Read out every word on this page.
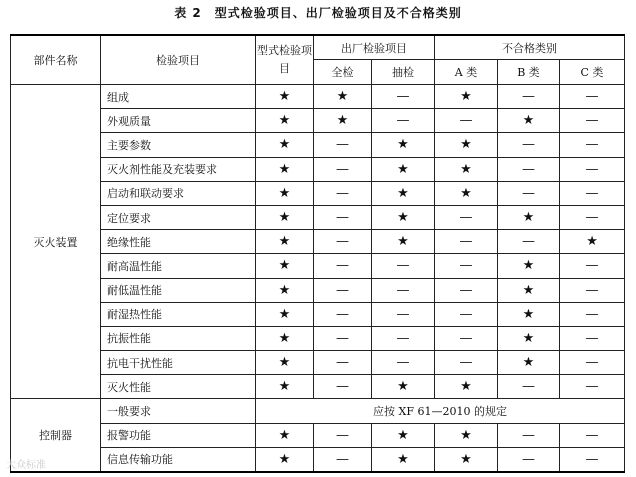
表 2　型式检验项目、出厂检验项目及不合格类别
部件名称	检验项目	型式检验项目	出厂检验项目		不合格类别		
			全检	抽检	A 类	B 类	C 类
灭火装置	组成	★	★	—	★	—	—
	外观质量	★	★	—	—	★	—
	主要参数	★	—	★	★	—	—
	灭火剂性能及充装要求	★	—	★	★	—	—
	启动和联动要求	★	—	★	★	—	—
	定位要求	★	—	★	—	★	—
	绝缘性能	★	—	★	—	—	★
	耐高温性能	★	—	—	—	★	—
	耐低温性能	★	—	—	—	★	—
	耐湿热性能	★	—	—	—	★	—
	抗振性能	★	—	—	—	★	—
	抗电干扰性能	★	—	—	—	★	—
	灭火性能	★	—	★	★	—	—
控制器	一般要求	应按 XF 61—2010 的规定					
	报警功能	★	—	★	★	—	—
	信息传输功能	★	—	★	★	—	—
大众标准
